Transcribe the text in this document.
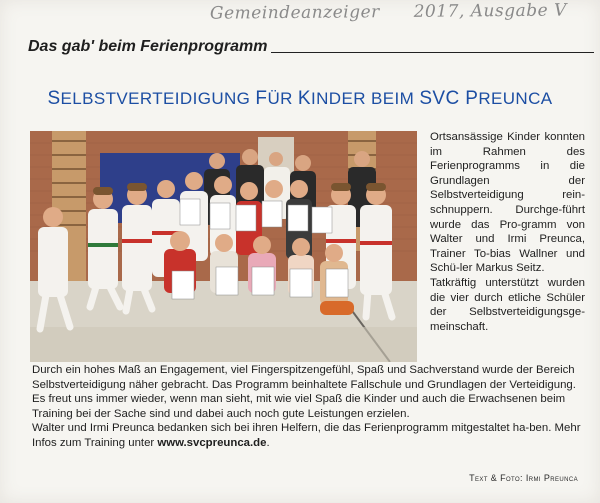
Gemeindeanzeiger 2017, Ausgabe V
Das gab' beim Ferienprogramm
SELBSTVERTEIDIGUNG FÜR KINDER BEIM SVC PREUNCA

Ortsansässige Kinder konnten im Rahmen des Ferienprogramms in die Grundlagen der Selbstverteidigung rein-schnuppern. Durchge-führt wurde das Pro-gramm von Walter und Irmi Preunca, Trainer To-bias Wallner und Schü-ler Markus Seitz.

Tatkräftig unterstützt wurden die vier durch etliche Schüler der Selbstverteidigungsge-meinschaft.

Durch ein hohes Maß an Engagement, viel Fingerspitzengefühl, Spaß und Sachverstand wurde der Bereich Selbstverteidigung näher gebracht. Das Programm beinhaltete Fallschule und Grundlagen der Verteidigung.

Es freut uns immer wieder, wenn man sieht, mit wie viel Spaß die Kinder und auch die Erwachsenen beim Training bei der Sache sind und dabei auch noch gute Leistungen erzielen.

Walter und Irmi Preunca bedanken sich bei ihren Helfern, die das Ferienprogramm mitgestaltet ha-ben. Mehr Infos zum Training unter www.svcpreunca.de.

Text & Foto: Irmi Preunca
